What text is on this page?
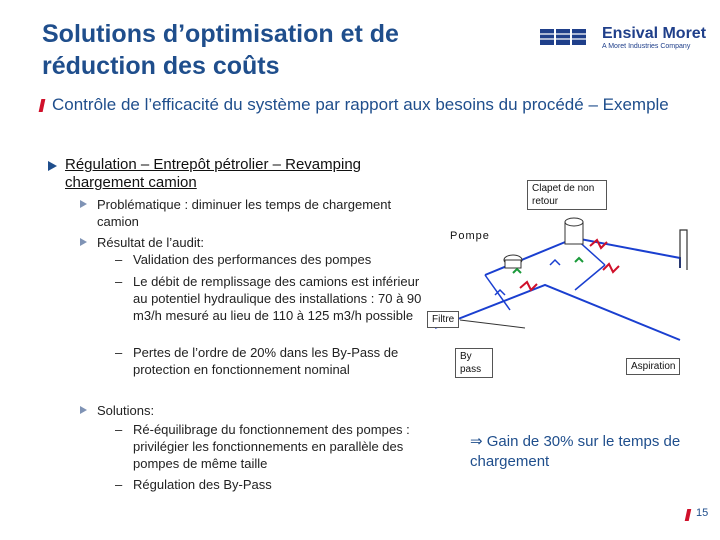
Solutions d’optimisation et de réduction des coûts
Ensival Moret
A Moret Industries Company
Contrôle de l’efficacité du système par rapport aux besoins du procédé – Exemple
Régulation – Entrepôt pétrolier – Revamping chargement camion
Problématique : diminuer les temps de chargement camion
Résultat de l’audit:
– Validation des performances des pompes
– Le débit de remplissage des camions est inférieur au potentiel hydraulique des installations : 70 à 90 m3/h mesuré au lieu de 110 à 125 m3/h possible
– Pertes de l’ordre de 20% dans les By-Pass de protection en fonctionnement nominal
Solutions:
– Ré-équilibrage du fonctionnement des pompes : privilégier les fonctionnements en parallèle des pompes de même taille
– Régulation des By-Pass
Clapet de non retour
Pompe
Filtre
By pass	Aspiration
⇒ Gain de 30% sur le temps de chargement
15
